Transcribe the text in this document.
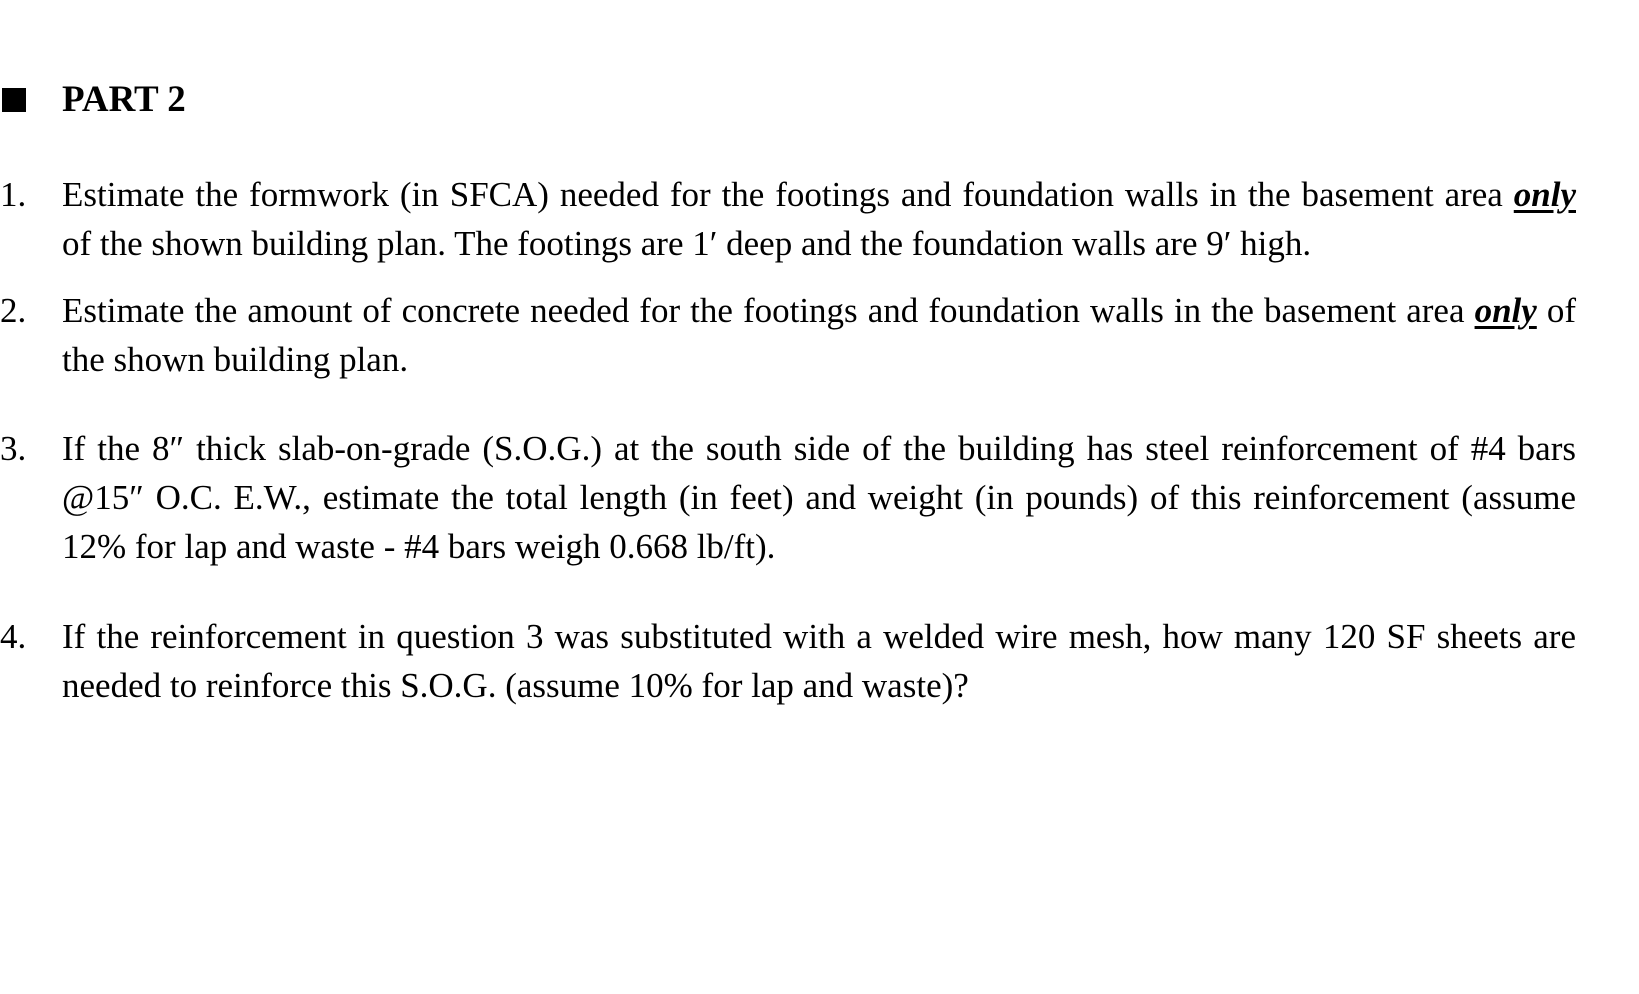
PART 2
1.	Estimate the formwork (in SFCA) needed for the footings and foundation walls in the basement area only of the shown building plan. The footings are 1′ deep and the foundation walls are 9′ high.
2.	Estimate the amount of concrete needed for the footings and foundation walls in the basement area only of the shown building plan.
3.	If the 8″ thick slab-on-grade (S.O.G.) at the south side of the building has steel reinforcement of #4 bars @15″ O.C. E.W., estimate the total length (in feet) and weight (in pounds) of this reinforcement (assume 12% for lap and waste - #4 bars weigh 0.668 lb/ft).
4.	If the reinforcement in question 3 was substituted with a welded wire mesh, how many 120 SF sheets are needed to reinforce this S.O.G. (assume 10% for lap and waste)?
